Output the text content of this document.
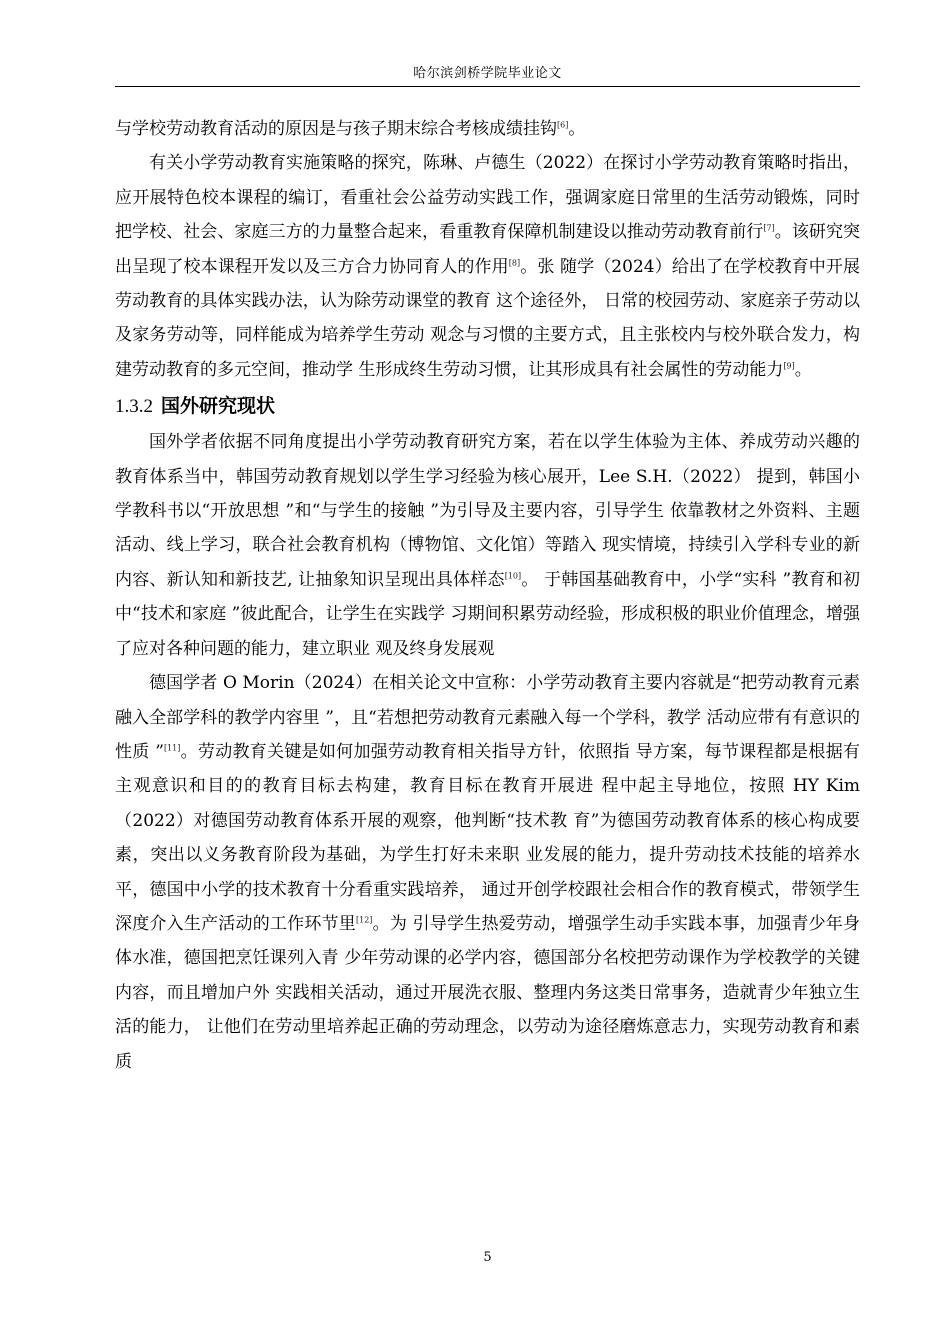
哈尔滨剑桥学院毕业论文

与学校劳动教育活动的原因是与孩子期末综合考核成绩挂钩[6]。

有关小学劳动教育实施策略的探究，陈琳、卢德生（2022）在探讨小学劳动教育策略时指出，应开展特色校本课程的编订，看重社会公益劳动实践工作，强调家庭日常里的生活劳动锻炼，同时把学校、社会、家庭三方的力量整合起来，看重教育保障机制建设以推动劳动教育前行[7]。该研究突出呈现了校本课程开发以及三方合力协同育人的作用[8]。张 随学（2024）给出了在学校教育中开展劳动教育的具体实践办法，认为除劳动课堂的教育 这个途径外， 日常的校园劳动、家庭亲子劳动以及家务劳动等，同样能成为培养学生劳动 观念与习惯的主要方式，且主张校内与校外联合发力，构建劳动教育的多元空间，推动学 生形成终生劳动习惯，让其形成具有社会属性的劳动能力[9]。

1.3.2 国外研究现状

国外学者依据不同角度提出小学劳动教育研究方案，若在以学生体验为主体、养成劳动兴趣的教育体系当中，韩国劳动教育规划以学生学习经验为核心展开，Lee S.H.（2022） 提到，韩国小学教科书以“开放思想 ”和“与学生的接触 ”为引导及主要内容，引导学生 依靠教材之外资料、主题活动、线上学习，联合社会教育机构（博物馆、文化馆）等踏入 现实情境，持续引入学科专业的新内容、新认知和新技艺, 让抽象知识呈现出具体样态[10]。 于韩国基础教育中，小学“实科 ”教育和初中“技术和家庭 ”彼此配合，让学生在实践学 习期间积累劳动经验，形成积极的职业价值理念，增强了应对各种问题的能力，建立职业 观及终身发展观

德国学者 O Morin（2024）在相关论文中宣称：小学劳动教育主要内容就是“把劳动教育元素融入全部学科的教学内容里 ”，且“若想把劳动教育元素融入每一个学科，教学 活动应带有有意识的性质 ”[11]。劳动教育关键是如何加强劳动教育相关指导方针，依照指 导方案，每节课程都是根据有主观意识和目的的教育目标去构建，教育目标在教育开展进 程中起主导地位，按照 HY Kim（2022）对德国劳动教育体系开展的观察，他判断“技术教 育”为德国劳动教育体系的核心构成要素，突出以义务教育阶段为基础，为学生打好未来职 业发展的能力，提升劳动技术技能的培养水平，德国中小学的技术教育十分看重实践培养， 通过开创学校跟社会相合作的教育模式，带领学生深度介入生产活动的工作环节里[12]。为 引导学生热爱劳动，增强学生动手实践本事，加强青少年身体水准，德国把烹饪课列入青 少年劳动课的必学内容，德国部分名校把劳动课作为学校教学的关键内容，而且增加户外 实践相关活动，通过开展洗衣服、整理内务这类日常事务，造就青少年独立生活的能力， 让他们在劳动里培养起正确的劳动理念，以劳动为途径磨炼意志力，实现劳动教育和素质

5
